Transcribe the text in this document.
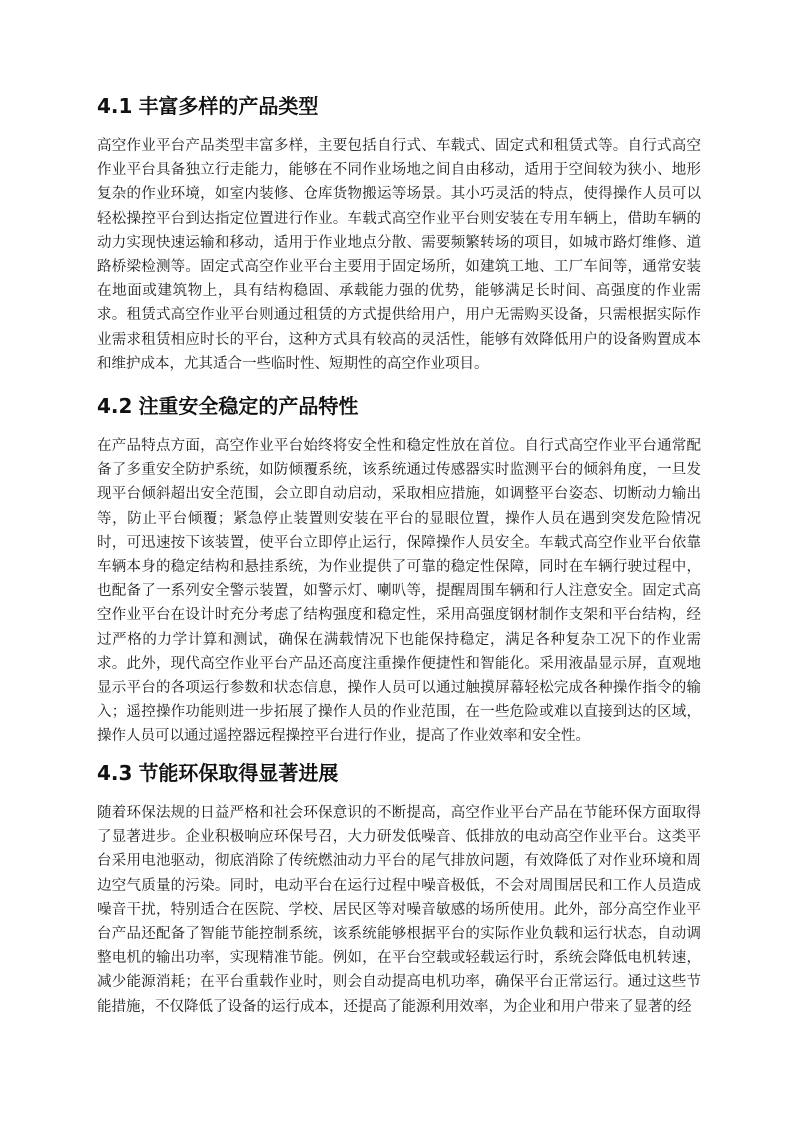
4.1 丰富多样的产品类型

高空作业平台产品类型丰富多样，主要包括自行式、车载式、固定式和租赁式等。自行式高空作业平台具备独立行走能力，能够在不同作业场地之间自由移动，适用于空间较为狭小、地形复杂的作业环境，如室内装修、仓库货物搬运等场景。其小巧灵活的特点，使得操作人员可以轻松操控平台到达指定位置进行作业。车载式高空作业平台则安装在专用车辆上，借助车辆的动力实现快速运输和移动，适用于作业地点分散、需要频繁转场的项目，如城市路灯维修、道路桥梁检测等。固定式高空作业平台主要用于固定场所，如建筑工地、工厂车间等，通常安装在地面或建筑物上，具有结构稳固、承载能力强的优势，能够满足长时间、高强度的作业需求。租赁式高空作业平台则通过租赁的方式提供给用户，用户无需购买设备，只需根据实际作业需求租赁相应时长的平台，这种方式具有较高的灵活性，能够有效降低用户的设备购置成本和维护成本，尤其适合一些临时性、短期性的高空作业项目。

4.2 注重安全稳定的产品特性

在产品特点方面，高空作业平台始终将安全性和稳定性放在首位。自行式高空作业平台通常配备了多重安全防护系统，如防倾覆系统，该系统通过传感器实时监测平台的倾斜角度，一旦发现平台倾斜超出安全范围，会立即自动启动，采取相应措施，如调整平台姿态、切断动力输出等，防止平台倾覆；紧急停止装置则安装在平台的显眼位置，操作人员在遇到突发危险情况时，可迅速按下该装置，使平台立即停止运行，保障操作人员安全。车载式高空作业平台依靠车辆本身的稳定结构和悬挂系统，为作业提供了可靠的稳定性保障，同时在车辆行驶过程中，也配备了一系列安全警示装置，如警示灯、喇叭等，提醒周围车辆和行人注意安全。固定式高空作业平台在设计时充分考虑了结构强度和稳定性，采用高强度钢材制作支架和平台结构，经过严格的力学计算和测试，确保在满载情况下也能保持稳定，满足各种复杂工况下的作业需求。此外，现代高空作业平台产品还高度注重操作便捷性和智能化。采用液晶显示屏，直观地显示平台的各项运行参数和状态信息，操作人员可以通过触摸屏幕轻松完成各种操作指令的输入；遥控操作功能则进一步拓展了操作人员的作业范围，在一些危险或难以直接到达的区域，操作人员可以通过遥控器远程操控平台进行作业，提高了作业效率和安全性。

4.3 节能环保取得显著进展

随着环保法规的日益严格和社会环保意识的不断提高，高空作业平台产品在节能环保方面取得了显著进步。企业积极响应环保号召，大力研发低噪音、低排放的电动高空作业平台。这类平台采用电池驱动，彻底消除了传统燃油动力平台的尾气排放问题，有效降低了对作业环境和周边空气质量的污染。同时，电动平台在运行过程中噪音极低，不会对周围居民和工作人员造成噪音干扰，特别适合在医院、学校、居民区等对噪音敏感的场所使用。此外，部分高空作业平台产品还配备了智能节能控制系统，该系统能够根据平台的实际作业负载和运行状态，自动调整电机的输出功率，实现精准节能。例如，在平台空载或轻载运行时，系统会降低电机转速，减少能源消耗；在平台重载作业时，则会自动提高电机功率，确保平台正常运行。通过这些节能措施，不仅降低了设备的运行成本，还提高了能源利用效率，为企业和用户带来了显著的经
